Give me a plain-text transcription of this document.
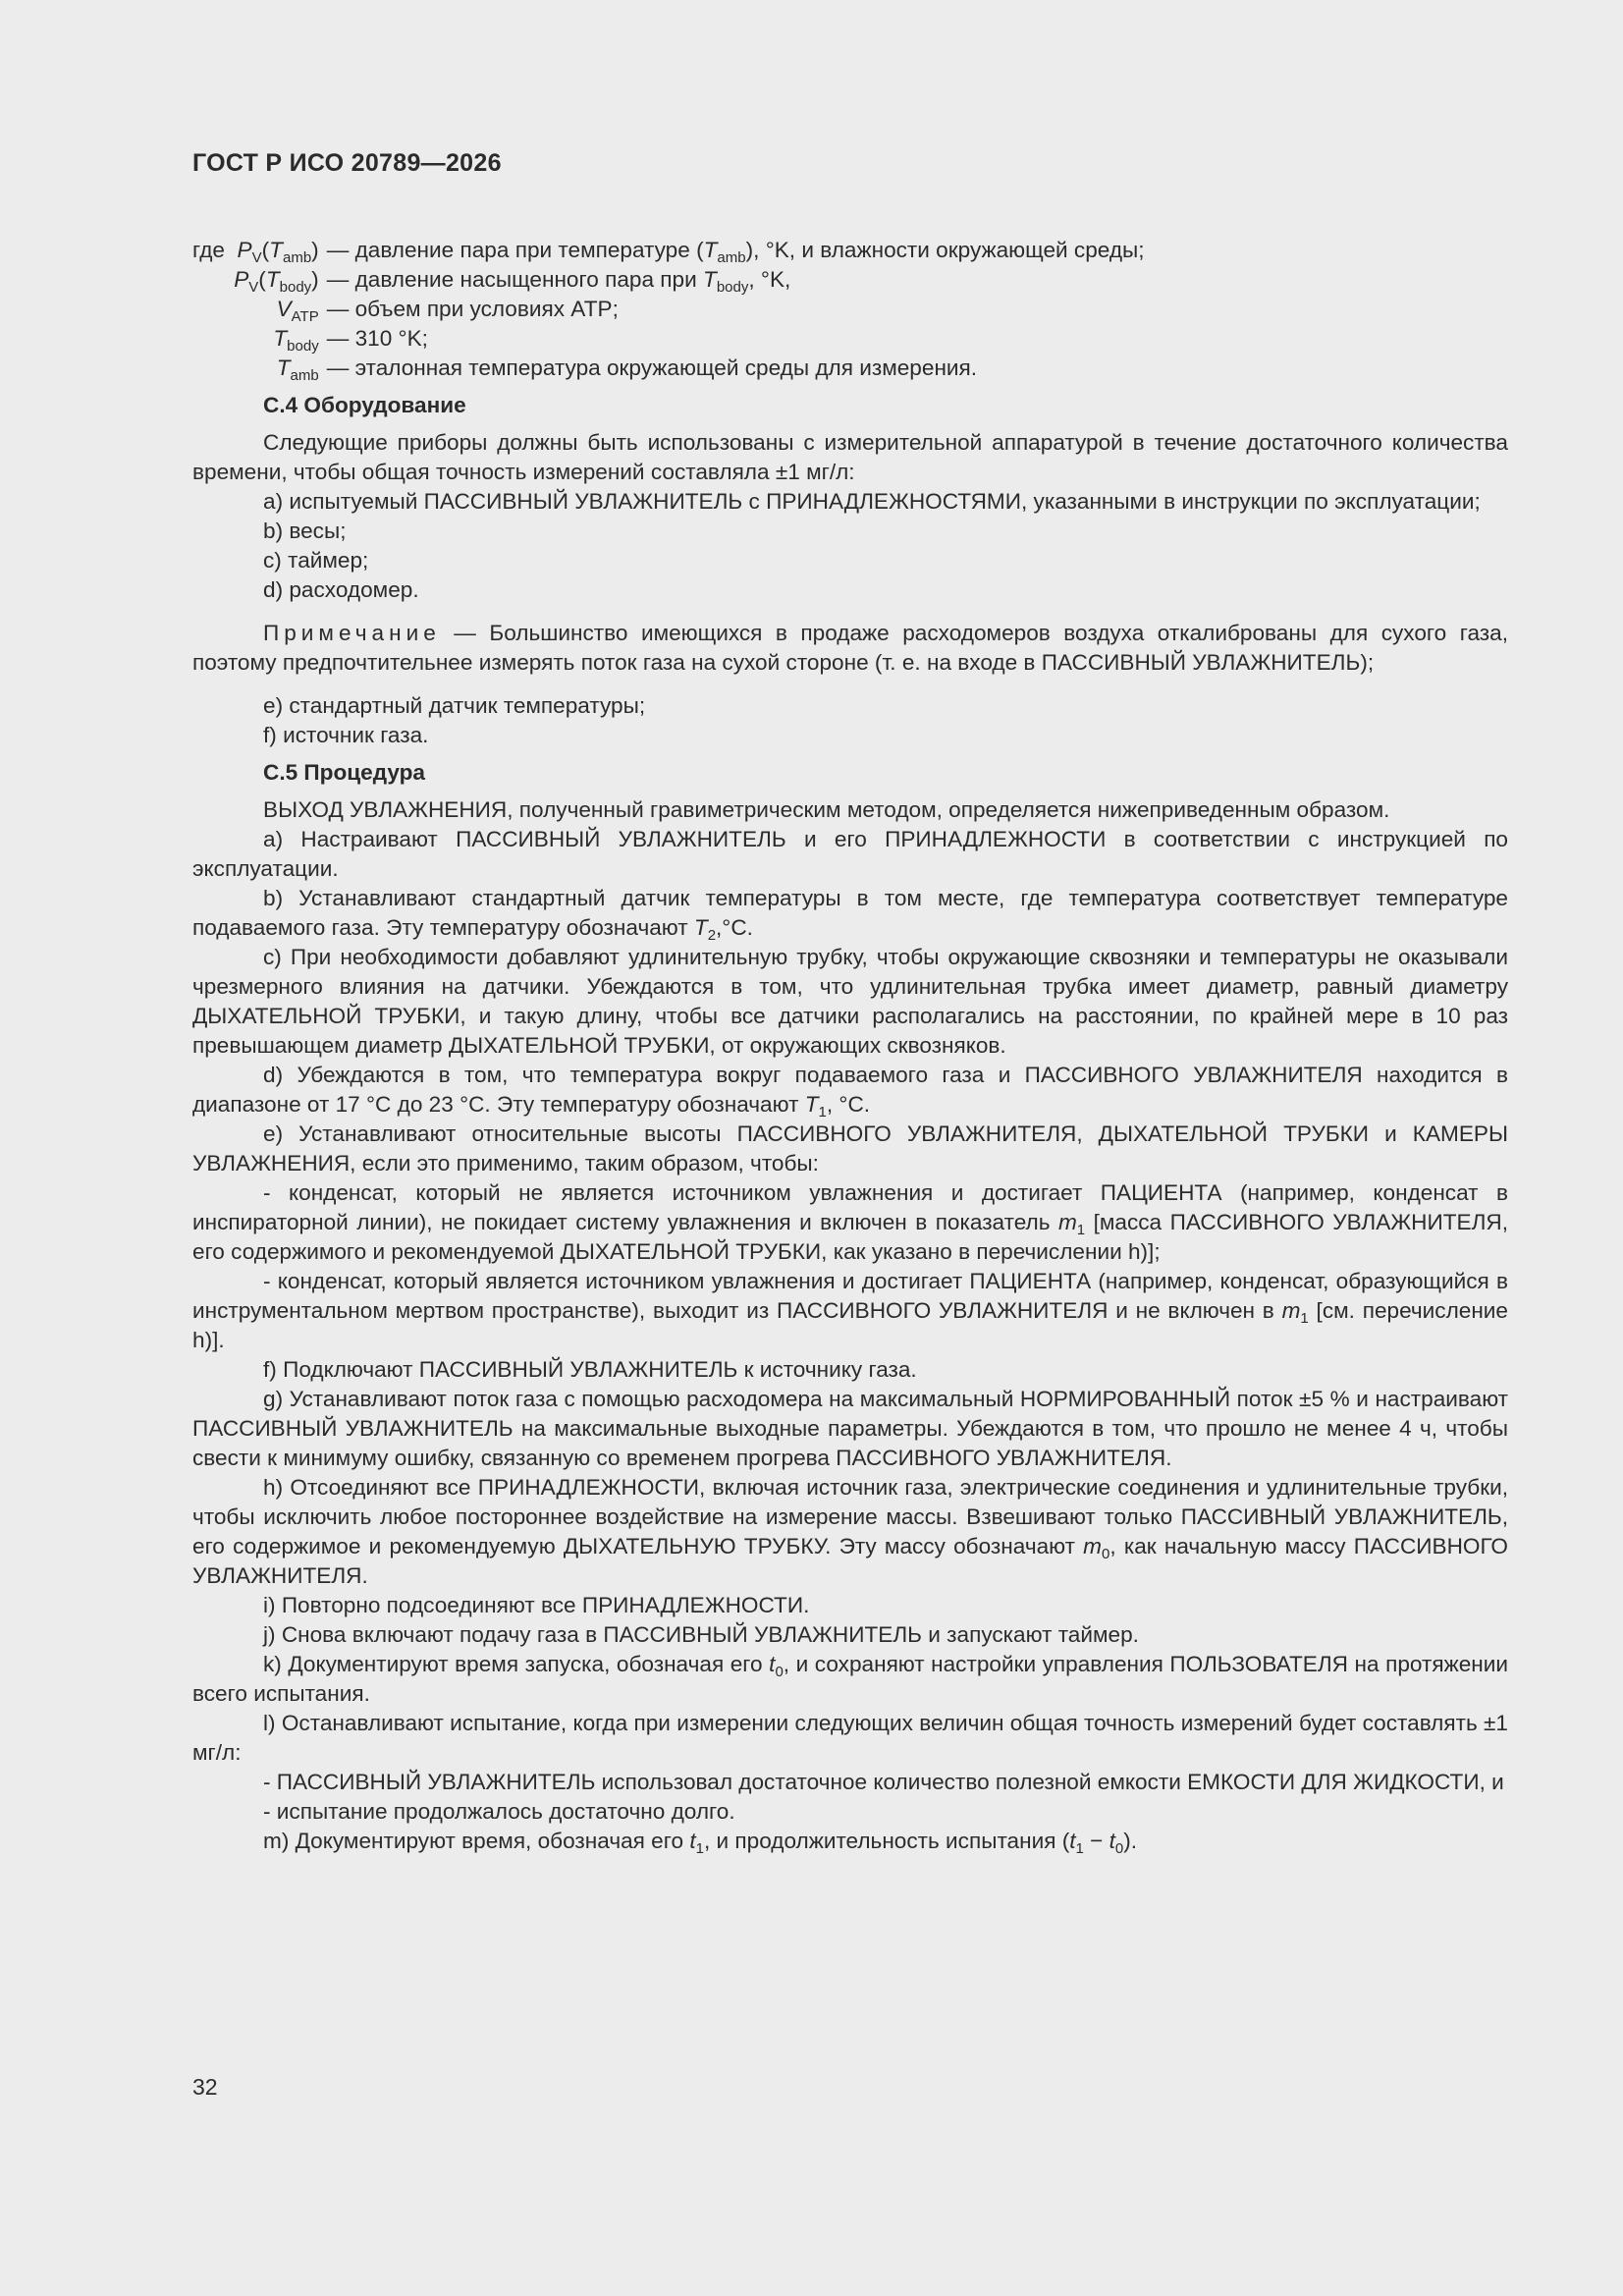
ГОСТ Р ИСО 20789—2026
где $P_V(T_{amb})$ — давление пара при температуре $(T_{amb})$, °K, и влажности окружающей среды;
$P_V(T_{body})$ — давление насыщенного пара при $T_{body}$, °K,
$V_{ATP}$ — объем при условиях ATP;
$T_{body}$ — 310 °K;
$T_{amb}$ — эталонная температура окружающей среды для измерения.

С.4 Оборудование

Следующие приборы должны быть использованы с измерительной аппаратурой в течение достаточного количества времени, чтобы общая точность измерений составляла ±1 мг/л:

a) испытуемый ПАССИВНЫЙ УВЛАЖНИТЕЛЬ с ПРИНАДЛЕЖНОСТЯМИ, указанными в инструкции по эксплуатации;

b) весы;

c) таймер;

d) расходомер.

Примечание — Большинство имеющихся в продаже расходомеров воздуха откалиброваны для сухого газа, поэтому предпочтительнее измерять поток газа на сухой стороне (т. е. на входе в ПАССИВНЫЙ УВЛАЖНИТЕЛЬ);

e) стандартный датчик температуры;

f) источник газа.

С.5 Процедура

ВЫХОД УВЛАЖНЕНИЯ, полученный гравиметрическим методом, определяется нижеприведенным образом.

a) Настраивают ПАССИВНЫЙ УВЛАЖНИТЕЛЬ и его ПРИНАДЛЕЖНОСТИ в соответствии с инструкцией по эксплуатации.

b) Устанавливают стандартный датчик температуры в том месте, где температура соответствует температуре подаваемого газа. Эту температуру обозначают $T_2,^\circ C$.

c) При необходимости добавляют удлинительную трубку, чтобы окружающие сквозняки и температуры не оказывали чрезмерного влияния на датчики. Убеждаются в том, что удлинительная трубка имеет диаметр, равный диаметру ДЫХАТЕЛЬНОЙ ТРУБКИ, и такую длину, чтобы все датчики располагались на расстоянии, по крайней мере в 10 раз превышающем диаметр ДЫХАТЕЛЬНОЙ ТРУБКИ, от окружающих сквозняков.

d) Убеждаются в том, что температура вокруг подаваемого газа и ПАССИВНОГО УВЛАЖНИТЕЛЯ находится в диапазоне от 17 °C до 23 °C. Эту температуру обозначают $T_1$, °C.

e) Устанавливают относительные высоты ПАССИВНОГО УВЛАЖНИТЕЛЯ, ДЫХАТЕЛЬНОЙ ТРУБКИ и КАМЕРЫ УВЛАЖНЕНИЯ, если это применимо, таким образом, чтобы:

- конденсат, который не является источником увлажнения и достигает ПАЦИЕНТА (например, конденсат в инспираторной линии), не покидает систему увлажнения и включен в показатель $m_1$ [масса ПАССИВНОГО УВЛАЖНИТЕЛЯ, его содержимого и рекомендуемой ДЫХАТЕЛЬНОЙ ТРУБКИ, как указано в перечислении h)];

- конденсат, который является источником увлажнения и достигает ПАЦИЕНТА (например, конденсат, образующийся в инструментальном мертвом пространстве), выходит из ПАССИВНОГО УВЛАЖНИТЕЛЯ и не включен в $m_1$ [см. перечисление h)].

f) Подключают ПАССИВНЫЙ УВЛАЖНИТЕЛЬ к источнику газа.

g) Устанавливают поток газа с помощью расходомера на максимальный НОРМИРОВАННЫЙ поток ±5 % и настраивают ПАССИВНЫЙ УВЛАЖНИТЕЛЬ на максимальные выходные параметры. Убеждаются в том, что прошло не менее 4 ч, чтобы свести к минимуму ошибку, связанную со временем прогрева ПАССИВНОГО УВЛАЖНИТЕЛЯ.

h) Отсоединяют все ПРИНАДЛЕЖНОСТИ, включая источник газа, электрические соединения и удлинительные трубки, чтобы исключить любое постороннее воздействие на измерение массы. Взвешивают только ПАССИВНЫЙ УВЛАЖНИТЕЛЬ, его содержимое и рекомендуемую ДЫХАТЕЛЬНУЮ ТРУБКУ. Эту массу обозначают $m_0$, как начальную массу ПАССИВНОГО УВЛАЖНИТЕЛЯ.

i) Повторно подсоединяют все ПРИНАДЛЕЖНОСТИ.

j) Снова включают подачу газа в ПАССИВНЫЙ УВЛАЖНИТЕЛЬ и запускают таймер.

k) Документируют время запуска, обозначая его $t_0$, и сохраняют настройки управления ПОЛЬЗОВАТЕЛЯ на протяжении всего испытания.

l) Останавливают испытание, когда при измерении следующих величин общая точность измерений будет составлять ±1 мг/л:

- ПАССИВНЫЙ УВЛАЖНИТЕЛЬ использовал достаточное количество полезной емкости ЕМКОСТИ ДЛЯ ЖИДКОСТИ, и

- испытание продолжалось достаточно долго.

m) Документируют время, обозначая его $t_1$, и продолжительность испытания $(t_1 - t_0)$.

32
